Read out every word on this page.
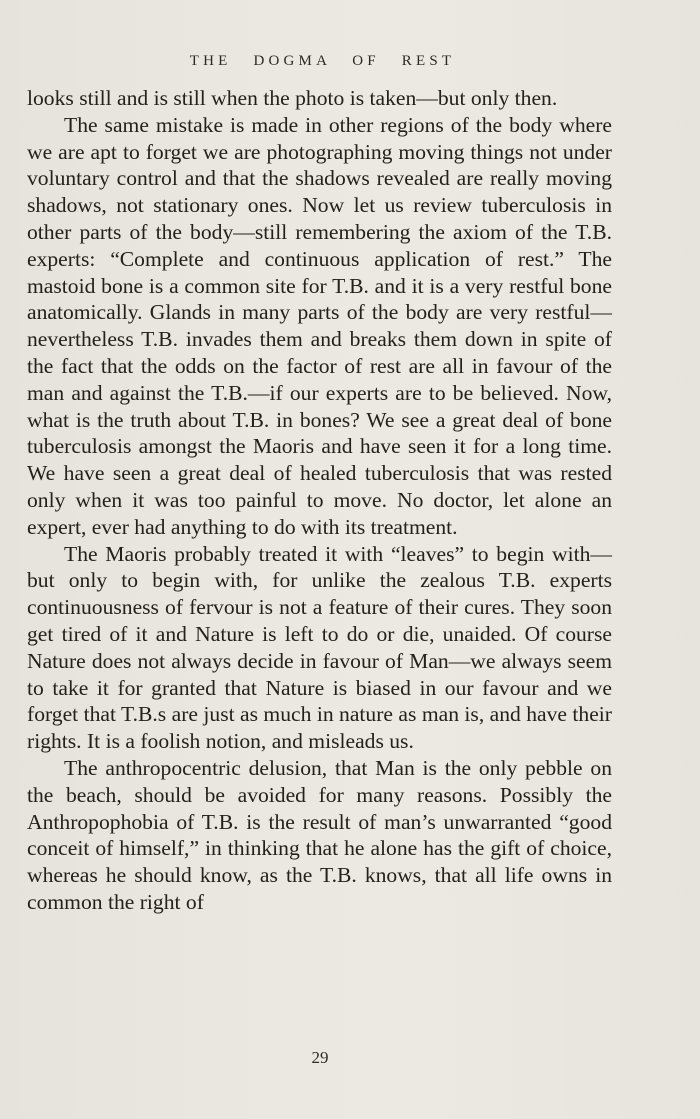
THE DOGMA OF REST

looks still and is still when the photo is taken—but only then.

The same mistake is made in other regions of the body where we are apt to forget we are photographing moving things not under voluntary control and that the shadows revealed are really moving shadows, not stationary ones. Now let us review tuberculosis in other parts of the body—still remembering the axiom of the T.B. experts: “Complete and continuous application of rest.” The mastoid bone is a common site for T.B. and it is a very restful bone anatomically. Glands in many parts of the body are very restful—nevertheless T.B. invades them and breaks them down in spite of the fact that the odds on the factor of rest are all in favour of the man and against the T.B.—if our experts are to be believed. Now, what is the truth about T.B. in bones? We see a great deal of bone tuberculosis amongst the Maoris and have seen it for a long time. We have seen a great deal of healed tuberculosis that was rested only when it was too painful to move. No doctor, let alone an expert, ever had anything to do with its treatment.

The Maoris probably treated it with “leaves” to begin with—but only to begin with, for unlike the zealous T.B. experts continuousness of fervour is not a feature of their cures. They soon get tired of it and Nature is left to do or die, unaided. Of course Nature does not always decide in favour of Man—we always seem to take it for granted that Nature is biased in our favour and we forget that T.B.s are just as much in nature as man is, and have their rights. It is a foolish notion, and misleads us.

The anthropocentric delusion, that Man is the only pebble on the beach, should be avoided for many reasons. Possibly the Anthropophobia of T.B. is the result of man’s unwarranted “good conceit of himself,” in thinking that he alone has the gift of choice, whereas he should know, as the T.B. knows, that all life owns in common the right of

29
